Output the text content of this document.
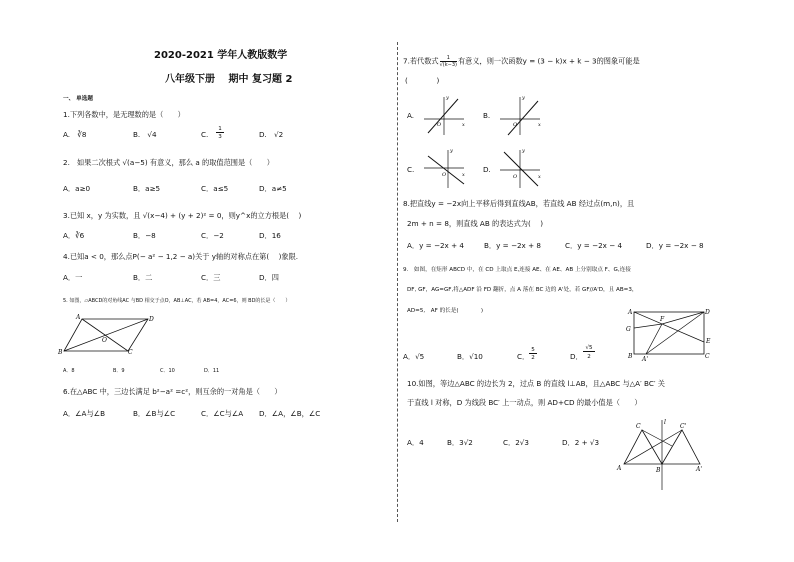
2020-2021 学年人教版数学
八年级下册　 期中 复习题 2
一、 单选题
1.下列各数中，是无理数的是（　　）
A.　∛8	B.　√4	C.
1
3	D.　√2
2.　如果二次根式 √(a−5) 有意义，那么 a 的取值范围是（　　）
A．a≥0	B．a≥5	C．a≤5	D．a≠5
3.已知 x，y 为实数，且 √(x−4) + (y + 2)² = 0，则y^x的立方根是(　 )
A．∛6	B．−8	C．−2	D．16
4.已知a < 0，那么点P(− a² − 1,2 − a)关于 y轴的对称点在第(　 )象限.
A．一	B．二	C．三	D．四
5. 如图，▱ABCD的对角线AC 与BD 相交于点O，AB⊥AC，若 AB=4，AC=6，则 BD的长是（　　）
A	D
B	C
O
A．8	B．9	C．10	D．11
6.在△ABC 中，三边长满足 b²−a² =c²，则互余的一对角是（　　）
A．∠A与∠B	B．∠B与∠C	C．∠C与∠A D．∠A，∠B，∠C
7.若代数式 $\frac{1}{√(k-3)}$ 有意义，则一次函数y = (3 − k)x + k − 3的图象可能是
(　　　　)
A.
y
x
O
B.
y
x
O
C.
y
x
O
D.
y
x
O
8.把直线y = −2x向上平移后得到直线AB，若直线 AB 经过点(m,n)，且
2m + n = 8，则直线 AB 的表达式为(　 )
A．y = −2x + 4	B．y = −2x + 8	C．y = −2x − 4	D．y = −2x − 8
9.　如图，在矩形 ABCD 中，在 CD 上取点 E,连接 AE、在 AE、AB 上分别取点 F、G,连接
DF, GF，AG=GF,将△ADF 沿 FD 翻折，点 A 落在 BC 边的 A'处，若 GF//A'D，且 AB=3，
AD=5,　AF 的长是(　　　　)	A	D
B	C
E
F
G
A'
A．√5	B．√10	C．
5
2	D．
√5
2
10.如图，等边△ABC 的边长为 2，过点 B 的直线 l⊥AB，且△ABC 与△A′ BC′ 关
于直线 l 对称，D 为线段 BC′ 上一动点，则 AD+CD 的最小值是（　　）
A．4	B．3√2	C．2√3	D．2 + √3
C	C'
A	B	A'
l
